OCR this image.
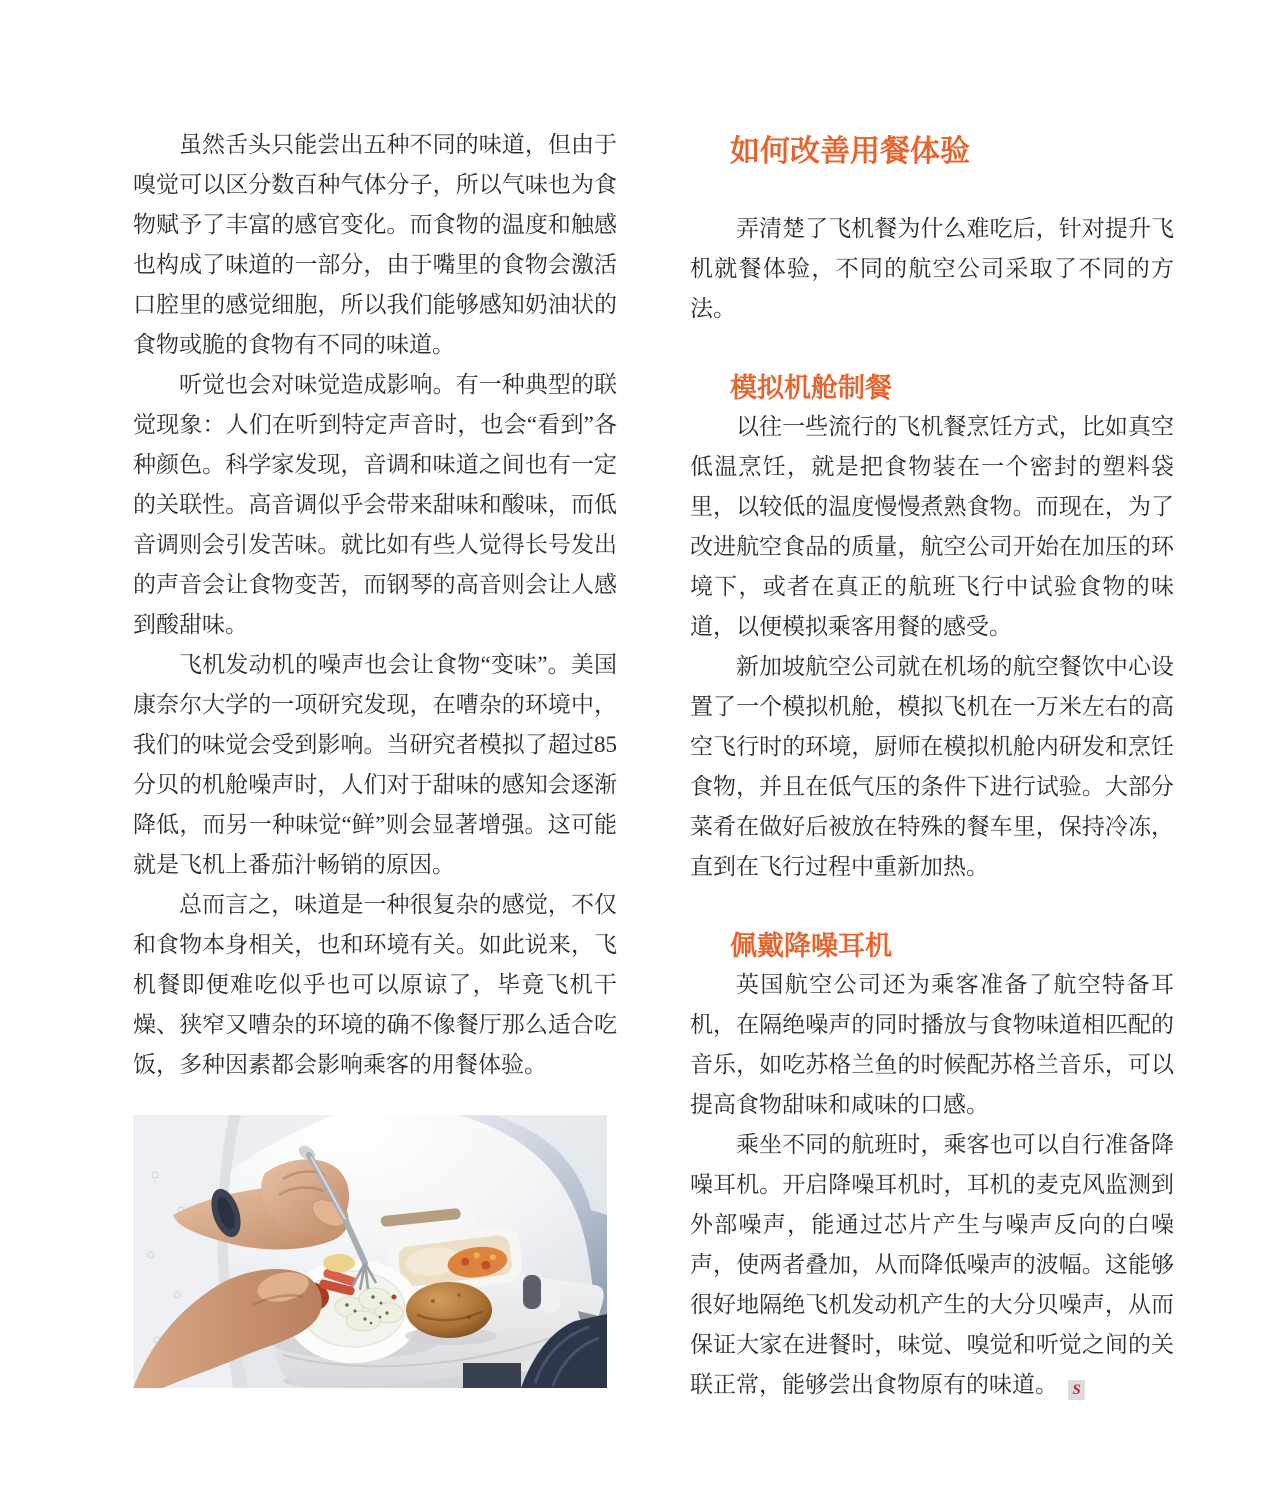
虽然舌头只能尝出五种不同的味道，但由于嗅觉可以区分数百种气体分子，所以气味也为食物赋予了丰富的感官变化。而食物的温度和触感也构成了味道的一部分，由于嘴里的食物会激活口腔里的感觉细胞，所以我们能够感知奶油状的食物或脆的食物有不同的味道。

听觉也会对味觉造成影响。有一种典型的联觉现象：人们在听到特定声音时，也会“看到”各种颜色。科学家发现，音调和味道之间也有一定的关联性。高音调似乎会带来甜味和酸味，而低音调则会引发苦味。就比如有些人觉得长号发出的声音会让食物变苦，而钢琴的高音则会让人感到酸甜味。

飞机发动机的噪声也会让食物“变味”。美国康奈尔大学的一项研究发现，在嘈杂的环境中，我们的味觉会受到影响。当研究者模拟了超过85分贝的机舱噪声时，人们对于甜味的感知会逐渐降低，而另一种味觉“鲜”则会显著增强。这可能就是飞机上番茄汁畅销的原因。

总而言之，味道是一种很复杂的感觉，不仅和食物本身相关，也和环境有关。如此说来，飞机餐即便难吃似乎也可以原谅了，毕竟飞机干燥、狭窄又嘈杂的环境的确不像餐厅那么适合吃饭，多种因素都会影响乘客的用餐体验。

如何改善用餐体验

弄清楚了飞机餐为什么难吃后，针对提升飞机就餐体验，不同的航空公司采取了不同的方法。

模拟机舱制餐

以往一些流行的飞机餐烹饪方式，比如真空低温烹饪，就是把食物装在一个密封的塑料袋里，以较低的温度慢慢煮熟食物。而现在，为了改进航空食品的质量，航空公司开始在加压的环境下，或者在真正的航班飞行中试验食物的味道，以便模拟乘客用餐的感受。

新加坡航空公司就在机场的航空餐饮中心设置了一个模拟机舱，模拟飞机在一万米左右的高空飞行时的环境，厨师在模拟机舱内研发和烹饪食物，并且在低气压的条件下进行试验。大部分菜肴在做好后被放在特殊的餐车里，保持冷冻，直到在飞行过程中重新加热。

佩戴降噪耳机

英国航空公司还为乘客准备了航空特备耳机，在隔绝噪声的同时播放与食物味道相匹配的音乐，如吃苏格兰鱼的时候配苏格兰音乐，可以提高食物甜味和咸味的口感。

乘坐不同的航班时，乘客也可以自行准备降噪耳机。开启降噪耳机时，耳机的麦克风监测到外部噪声，能通过芯片产生与噪声反向的白噪声，使两者叠加，从而降低噪声的波幅。这能够很好地隔绝飞机发动机产生的大分贝噪声，从而保证大家在进餐时，味觉、嗅觉和听觉之间的关联正常，能够尝出食物原有的味道。 S
